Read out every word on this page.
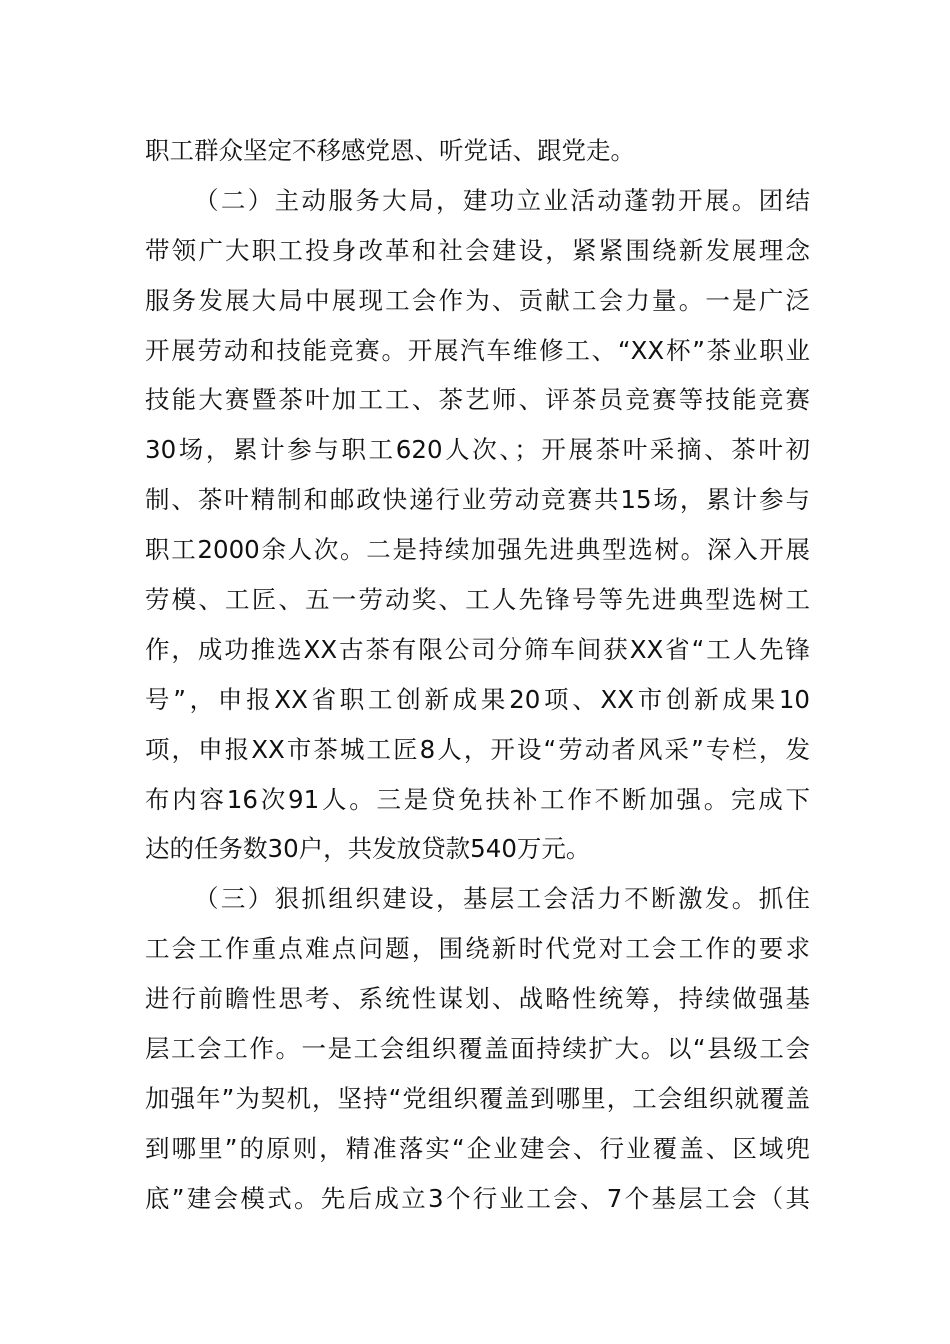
职工群众坚定不移感党恩、听党话、跟党走。
（二）主动服务大局，建功立业活动蓬勃开展。团结
带领广大职工投身改革和社会建设，紧紧围绕新发展理念
服务发展大局中展现工会作为、贡献工会力量。一是广泛
开展劳动和技能竞赛。开展汽车维修工、“XX杯”茶业职业
技能大赛暨茶叶加工工、茶艺师、评茶员竞赛等技能竞赛
30场，累计参与职工620人次、；开展茶叶采摘、茶叶初
制、茶叶精制和邮政快递行业劳动竞赛共15场，累计参与
职工2000余人次。二是持续加强先进典型选树。深入开展
劳模、工匠、五一劳动奖、工人先锋号等先进典型选树工
作，成功推选XX古茶有限公司分筛车间获XX省“工人先锋
号”，申报XX省职工创新成果20项、XX市创新成果10
项，申报XX市茶城工匠8人，开设“劳动者风采”专栏，发
布内容16次91人。三是贷免扶补工作不断加强。完成下
达的任务数30户，共发放贷款540万元。
（三）狠抓组织建设，基层工会活力不断激发。抓住
工会工作重点难点问题，围绕新时代党对工会工作的要求
进行前瞻性思考、系统性谋划、战略性统筹，持续做强基
层工会工作。一是工会组织覆盖面持续扩大。以“县级工会
加强年”为契机，坚持“党组织覆盖到哪里，工会组织就覆盖
到哪里”的原则，精准落实“企业建会、行业覆盖、区域兜
底”建会模式。先后成立3个行业工会、7个基层工会（其
